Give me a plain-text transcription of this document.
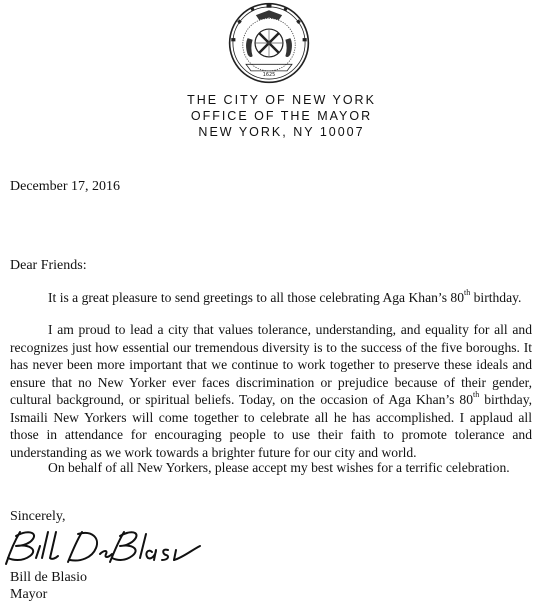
1625
THE CITY OF NEW YORK
OFFICE OF THE MAYOR
NEW YORK, NY 10007
December 17, 2016
Dear Friends:

It is a great pleasure to send greetings to all those celebrating Aga Khan’s 80th birthday.

I am proud to lead a city that values tolerance, understanding, and equality for all and recognizes just how essential our tremendous diversity is to the success of the five boroughs. It has never been more important that we continue to work together to preserve these ideals and ensure that no New Yorker ever faces discrimination or prejudice because of their gender, cultural background, or spiritual beliefs. Today, on the occasion of Aga Khan’s 80th birthday, Ismaili New Yorkers will come together to celebrate all he has accomplished. I applaud all those in attendance for encouraging people to use their faith to promote tolerance and understanding as we work towards a brighter future for our city and world.

On behalf of all New Yorkers, please accept my best wishes for a terrific celebration.

Sincerely,
Bill de Blasio
Mayor
